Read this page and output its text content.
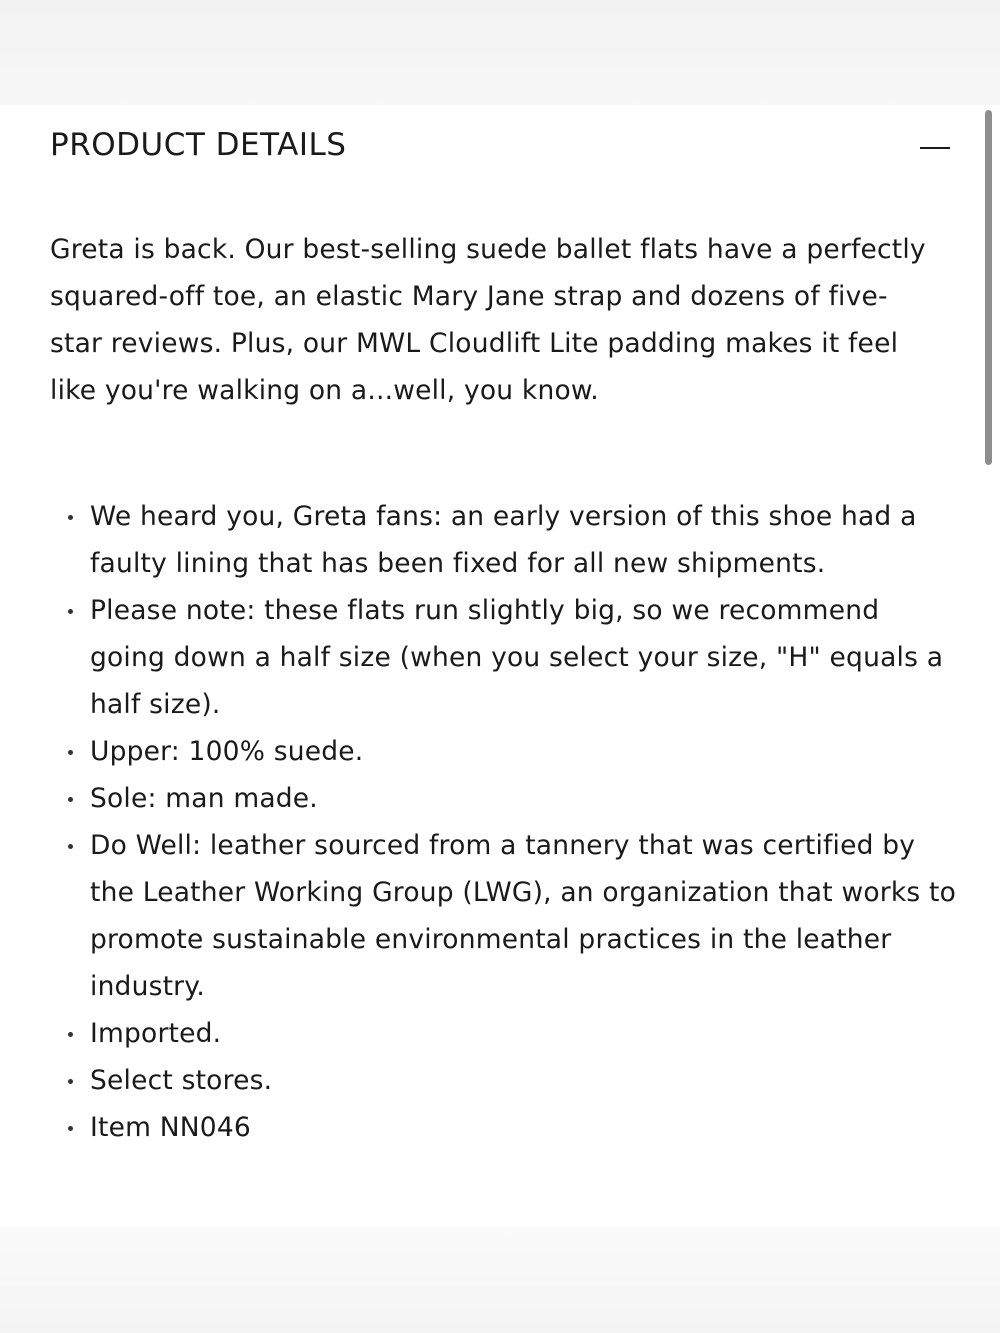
PRODUCT DETAILS

Greta is back. Our best-selling suede ballet flats have a perfectly squared-off toe, an elastic Mary Jane strap and dozens of five-star reviews. Plus, our MWL Cloudlift Lite padding makes it feel like you're walking on a...well, you know.

We heard you, Greta fans: an early version of this shoe had a faulty lining that has been fixed for all new shipments.
Please note: these flats run slightly big, so we recommend going down a half size (when you select your size, "H" equals a half size).
Upper: 100% suede.
Sole: man made.
Do Well: leather sourced from a tannery that was certified by the Leather Working Group (LWG), an organization that works to promote sustainable environmental practices in the leather industry.
Imported.
Select stores.
Item NN046
